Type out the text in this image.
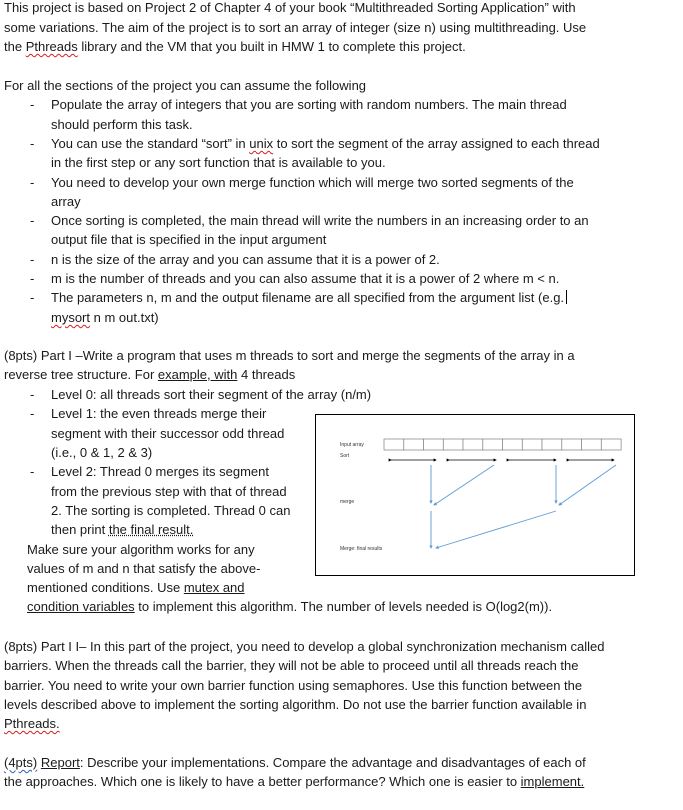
This project is based on Project 2 of Chapter 4 of your book “Multithreaded Sorting Application” with
some variations. The aim of the project is to sort an array of integer (size n) using multithreading. Use
the Pthreads library and the VM that you built in HMW 1 to complete this project.
For all the sections of the project you can assume the following
- Populate the array of integers that you are sorting with random numbers. The main thread
should perform this task.
- You can use the standard “sort” in unix to sort the segment of the array assigned to each thread
in the first step or any sort function that is available to you.
- You need to develop your own merge function which will merge two sorted segments of the
array
- Once sorting is completed, the main thread will write the numbers in an increasing order to an
output file that is specified in the input argument
- n is the size of the array and you can assume that it is a power of 2.
- m is the number of threads and you can also assume that it is a power of 2 where m < n.
- The parameters n, m and the output filename are all specified from the argument list (e.g.
mysort n m out.txt)
(8pts) Part I –Write a program that uses m threads to sort and merge the segments of the array in a
reverse tree structure. For example, with 4 threads
- Level 0: all threads sort their segment of the array (n/m)
- Level 1: the even threads merge their
segment with their successor odd thread
(i.e., 0 & 1, 2 & 3)
- Level 2: Thread 0 merges its segment
from the previous step with that of thread
2. The sorting is completed. Thread 0 can
then print the final result.
Make sure your algorithm works for any
values of m and n that satisfy the above-
mentioned conditions. Use mutex and
condition variables to implement this algorithm. The number of levels needed is O(log2(m)).
Input array
Sort
merge
Merge: final results
(8pts) Part I I– In this part of the project, you need to develop a global synchronization mechanism called
barriers. When the threads call the barrier, they will not be able to proceed until all threads reach the
barrier. You need to write your own barrier function using semaphores. Use this function between the
levels described above to implement the sorting algorithm. Do not use the barrier function available in
Pthreads.
(4pts) Report: Describe your implementations. Compare the advantage and disadvantages of each of
the approaches. Which one is likely to have a better performance? Which one is easier to implement.
